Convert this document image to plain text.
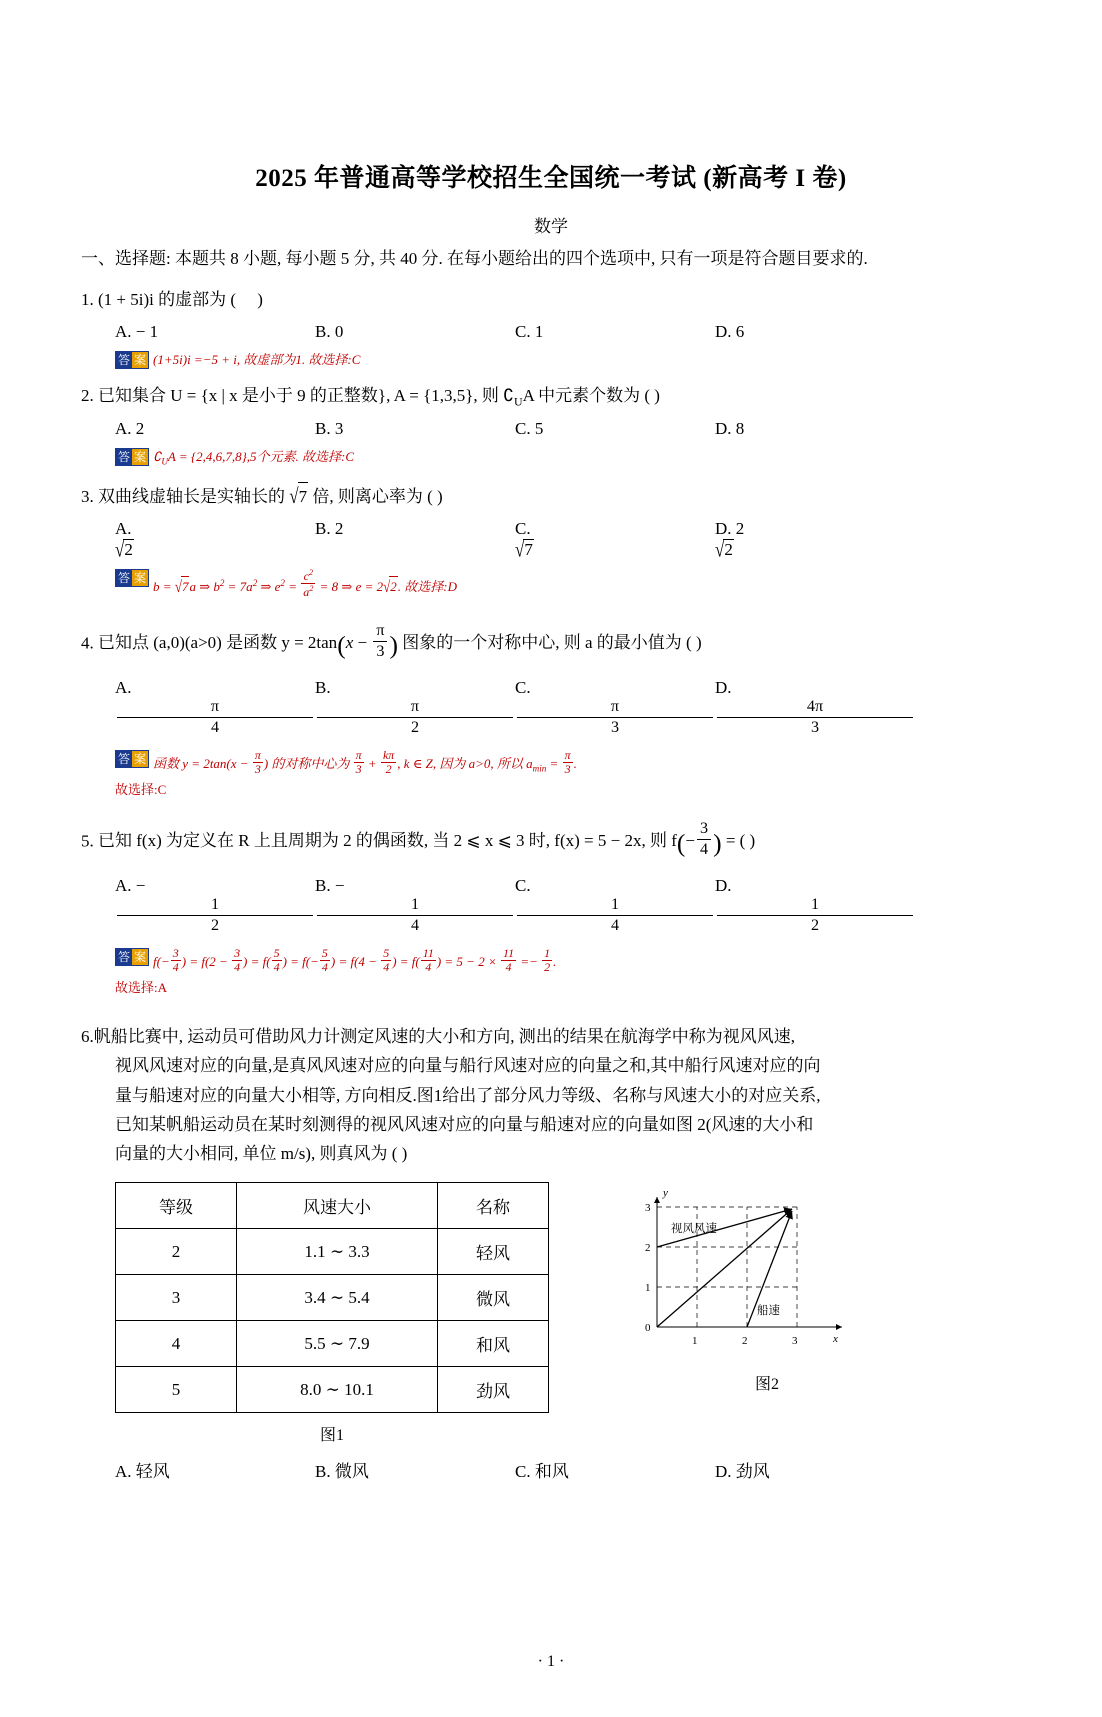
2025 年普通高等学校招生全国统一考试 (新高考 I 卷)
数学
一、选择题: 本题共 8 小题, 每小题 5 分, 共 40 分. 在每小题给出的四个选项中, 只有一项是符合题目要求的.
1. (1 + 5i)i 的虚部为 ( )
A. − 1	B. 0	C. 1	D. 6
答 案 (1+5i)i =−5 + i, 故虚部为1. 故选择:C
2. 已知集合 U = {x | x 是小于 9 的正整数}, A = {1,3,5}, 则 $∁_UA$ 中元素个数为 ( )
A. 2	B. 3	C. 5	D. 8
答 案 $∁_UA = \{2,4,6,7,8\},5$个元素. 故选择:C
3. 双曲线虚轴长是实轴长的 √7 倍, 则离心率为 ( )
A.
√2
B. 2	C.
√7
D. 2
√2
答 案
b = √7a ⇒ $b^2 = 7a^2$ ⇒ $e^2 = \frac{c^2}{a^2} = 8$ ⇒ e = 2√2. 故选择:D
4. 已知点 (a,0)(a>0) 是函数 $y = 2\tan(x - \frac{\pi}{3}$ ) 图象的一个对称中心, 则 a 的最小值为 ( )
A.
π
4
B.
π
2
C.
π
3
D.
4π
3
答 案 函数 $y = 2\tan(x - \frac{\pi}{3}$ ) 的对称中心为 $\frac{\pi}{3} + \frac{k\pi}{2}$ , k ∈ Z, 因为 a>0, 所以 $a_{min} = \frac{\pi}{3}$ .
故选择:C
5. 已知 f(x) 为定义在 R 上且周期为 2 的偶函数, 当 2 ⩽ x ⩽ 3 时, f(x) = 5 − 2x, 则 $f(- \frac{3}{4}$ ) = ( )
A. −
1
2
B. −
1
4
C.
1
4
D.
1
2
答 案 $f(- \frac{3}{4}$ ) = $f(2 - \frac{3}{4}$ ) = $f( \frac{5}{4}$ ) = $f(- \frac{5}{4}$ ) = $f(4 - \frac{5}{4}$ ) = $f( \frac{11}{4}$ ) = $5 - 2 \times \frac{11}{4} =- \frac{1}{2}$ .
故选择:A

6.帆船比赛中, 运动员可借助风力计测定风速的大小和方向, 测出的结果在航海学中称为视风风速,

视风风速对应的向量,是真风风速对应的向量与船行风速对应的向量之和,其中船行风速对应的向

量与船速对应的向量大小相等, 方向相反.图1给出了部分风力等级、名称与风速大小的对应关系,

已知某帆船运动员在某时刻测得的视风风速对应的向量与船速对应的向量如图 2(风速的大小和

向量的大小相同, 单位 m/s), 则真风为 ( )

等级	风速大小	名称
2	1.1 ∼ 3.3	轻风
3	3.4 ∼ 5.4	微风
4	5.5 ∼ 7.9	和风
5	8.0 ∼ 10.1	劲风
图1
1	2	3
0
1
2
3
x
y
视风风速
船速
图2
A. 轻风	B. 微风	C. 和风	D. 劲风
· 1 ·
